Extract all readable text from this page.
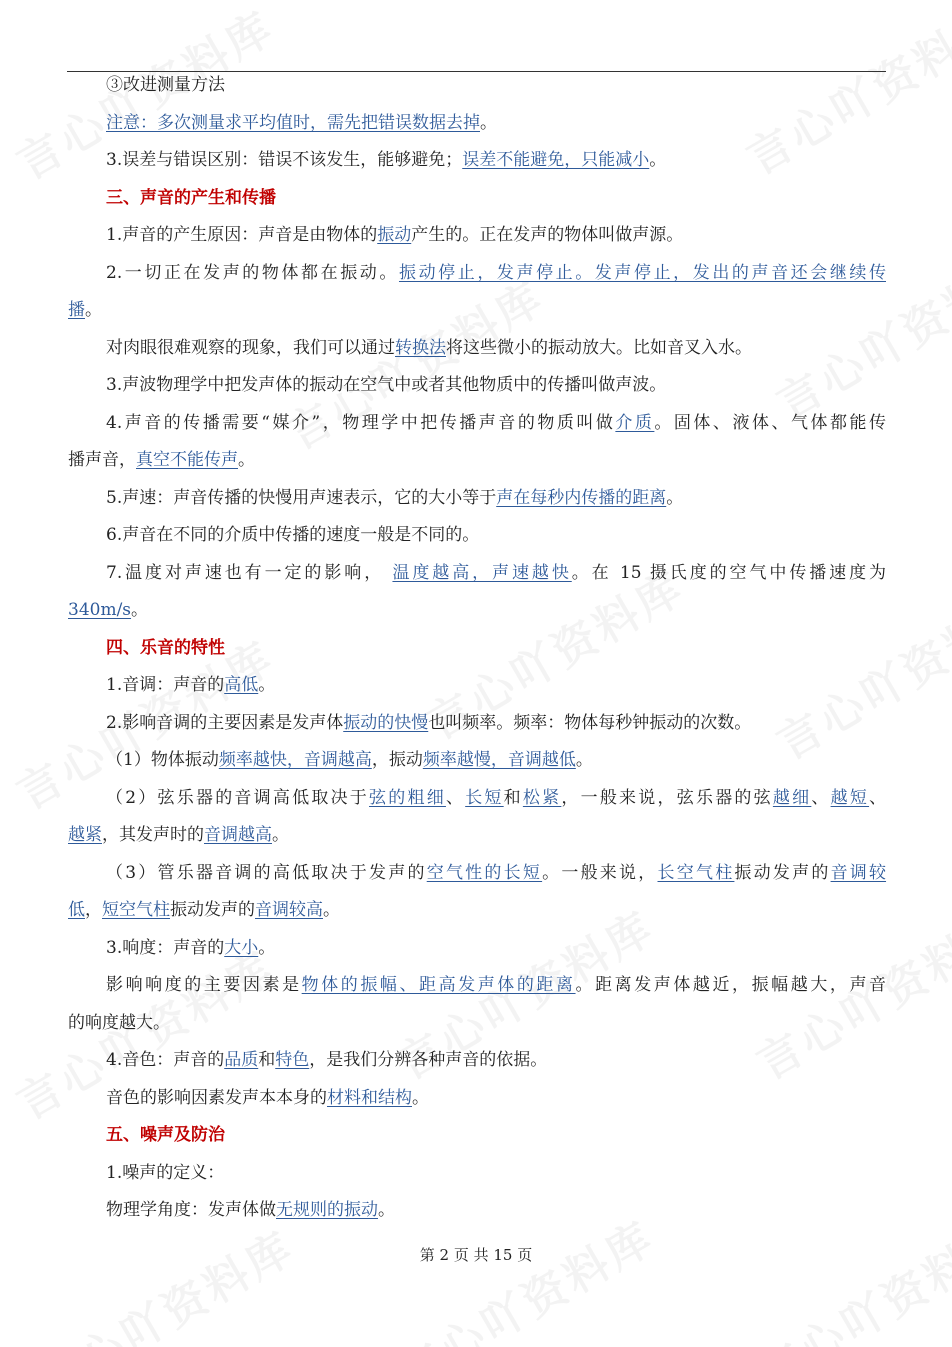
③改进测量方法
注意：多次测量求平均值时，需先把错误数据去掉。
3.误差与错误区别：错误不该发生，能够避免；误差不能避免，只能减小。
三、声音的产生和传播
1.声音的产生原因：声音是由物体的振动产生的。正在发声的物体叫做声源。
2.一切正在发声的物体都在振动。振动停止，发声停止。发声停止，发出的声音还会继续传
播。
对肉眼很难观察的现象，我们可以通过转换法将这些微小的振动放大。比如音叉入水。
3.声波物理学中把发声体的振动在空气中或者其他物质中的传播叫做声波。
4.声音的传播需要“媒介”，物理学中把传播声音的物质叫做介质。固体、液体、气体都能传
播声音，真空不能传声。
5.声速：声音传播的快慢用声速表示，它的大小等于声在每秒内传播的距离。
6.声音在不同的介质中传播的速度一般是不同的。
7.温度对声速也有一定的影响， 温度越高，声速越快。在 15 摄氏度的空气中传播速度为
340m/s。
四、乐音的特性
1.音调：声音的高低。
2.影响音调的主要因素是发声体振动的快慢也叫频率。频率：物体每秒钟振动的次数。
（1）物体振动频率越快，音调越高，振动频率越慢，音调越低。
（2）弦乐器的音调高低取决于弦的粗细、长短和松紧，一般来说，弦乐器的弦越细、越短、
越紧，其发声时的音调越高。
（3）管乐器音调的高低取决于发声的空气性的长短。一般来说，长空气柱振动发声的音调较
低，短空气柱振动发声的音调较高。
3.响度：声音的大小。
影响响度的主要因素是物体的振幅、距高发声体的距离。距离发声体越近，振幅越大，声音
的响度越大。
4.音色：声音的品质和特色，是我们分辨各种声音的依据。
音色的影响因素发声本本身的材料和结构。
五、噪声及防治
1.噪声的定义：
物理学角度：发声体做无规则的振动。
第 2 页 共 15 页
